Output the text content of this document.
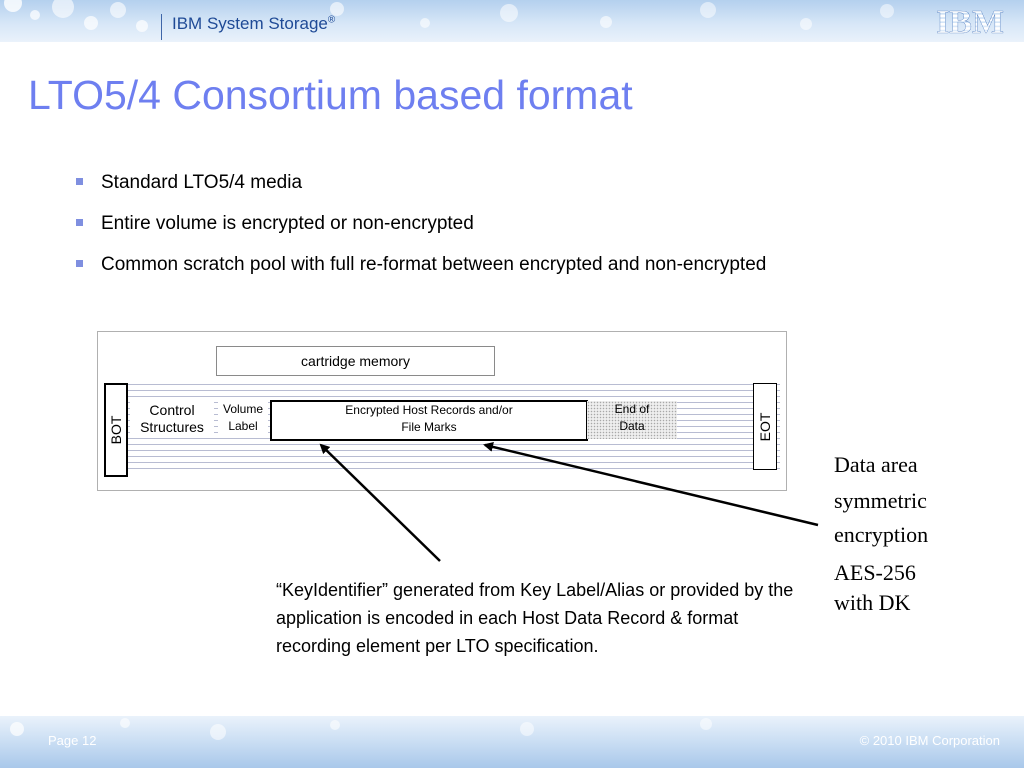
IBM System Storage®	IBM
LTO5/4 Consortium based format
Standard LTO5/4 media
Entire volume is encrypted or non-encrypted
Common scratch pool with full re-format between encrypted and non-encrypted
cartridge memory
BOT	EOT
Control
Structures
Volume
Label
Encrypted Host Records and/or
File Marks
End of
Data
Data area
symmetric
encryption
AES-256
with DK
“KeyIdentifier” generated from Key Label/Alias or provided by the application is encoded in each Host Data Record & format recording element per LTO specification.
Page 12	© 2010 IBM Corporation
